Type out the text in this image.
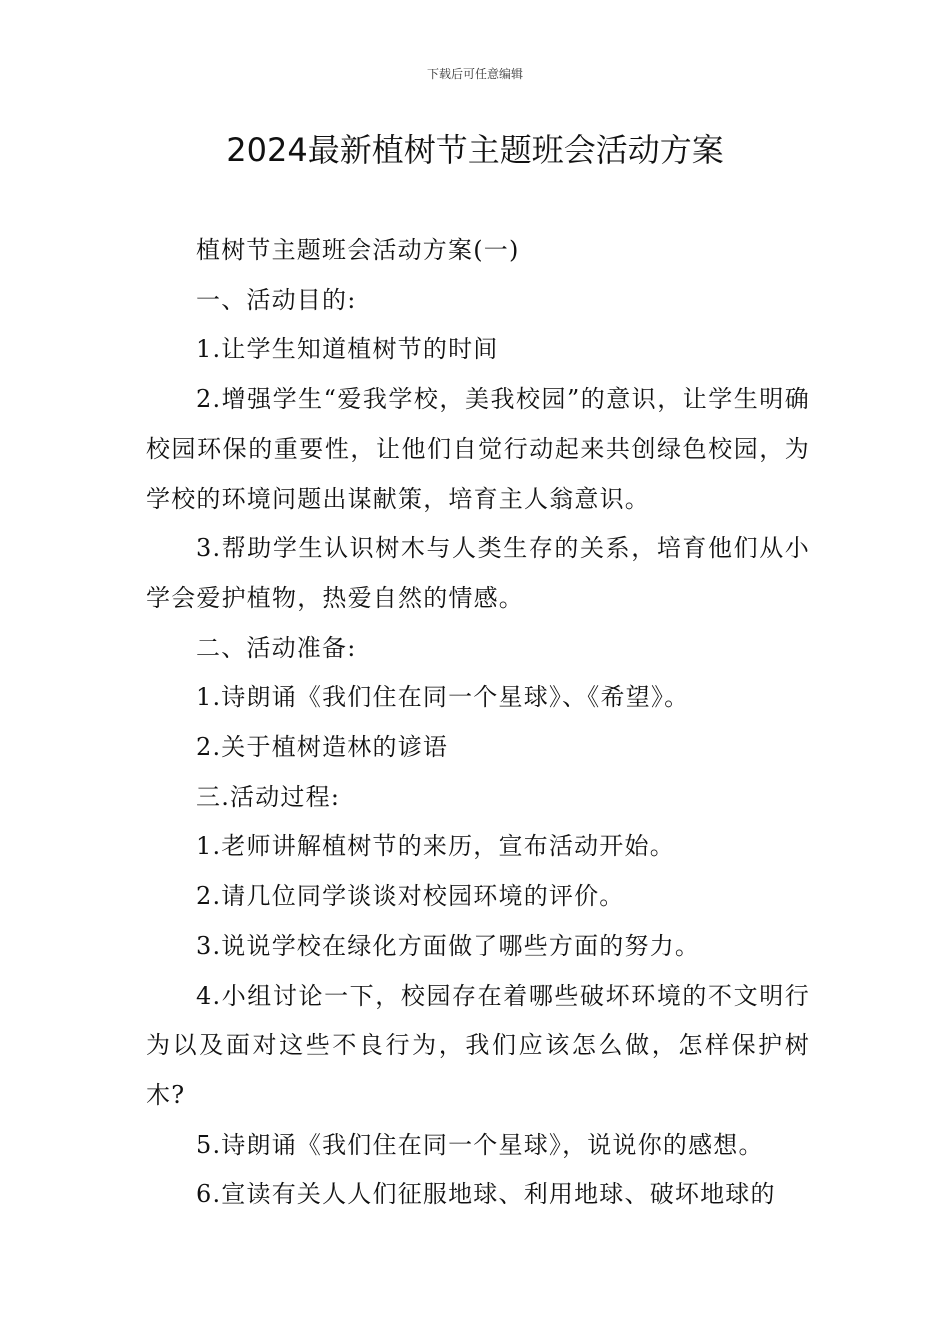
下载后可任意编辑
2024最新植树节主题班会活动方案

植树节主题班会活动方案(一)

一、活动目的:

1.让学生知道植树节的时间

2.增强学生“爱我学校，美我校园”的意识，让学生明确校园环保的重要性，让他们自觉行动起来共创绿色校园，为学校的环境问题出谋献策，培育主人翁意识。

3.帮助学生认识树木与人类生存的关系，培育他们从小学会爱护植物，热爱自然的情感。

二、活动准备:

1.诗朗诵《我们住在同一个星球》、《希望》。

2.关于植树造林的谚语

三.活动过程:

1.老师讲解植树节的来历，宣布活动开始。

2.请几位同学谈谈对校园环境的评价。

3.说说学校在绿化方面做了哪些方面的努力。

4.小组讨论一下，校园存在着哪些破坏环境的不文明行为以及面对这些不良行为，我们应该怎么做，怎样保护树木?

5.诗朗诵《我们住在同一个星球》，说说你的感想。

6.宣读有关人人们征服地球、利用地球、破坏地球的
